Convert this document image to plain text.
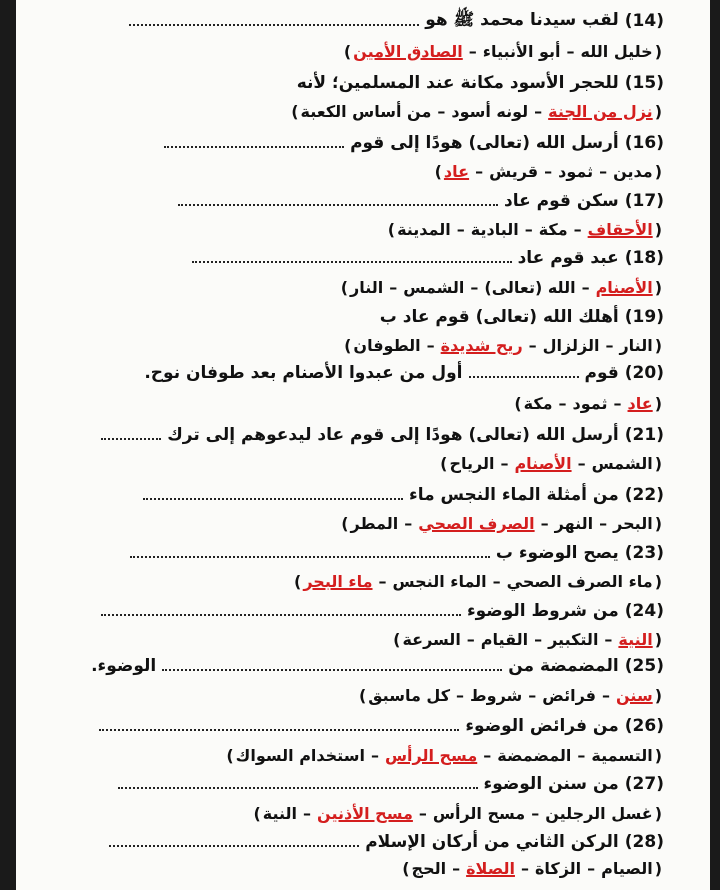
(14)
لقب سيدنا محمد ﷺ هو
(
خليل الله
–
أبو الأنبياء
–
الصادق الأمين
)
(15)
للحجر الأسود مكانة عند المسلمين؛ لأنه
(
نزل من الجنة
–
لونه أسود
–
من أساس الكعبة
)
(16)
أرسل الله (تعالى) هودًا إلى قوم
(
مدين
–
ثمود
–
قريش
–
عاد
)
(17)
سكن قوم عاد
(
الأحقاف
–
مكة
–
البادية
–
المدينة
)
(18)
عبد قوم عاد
(
الأصنام
–
الله (تعالى)
–
الشمس
–
النار
)
(19)
أهلك الله (تعالى) قوم عاد ب
(
النار
–
الزلزال
–
ريح شديدة
–
الطوفان
)
(20)
قوم
أول من عبدوا الأصنام بعد طوفان نوح.
(
عاد
–
ثمود
–
مكة
)
(21)
أرسل الله (تعالى) هودًا إلى قوم عاد ليدعوهم إلى ترك
(
الشمس
–
الأصنام
–
الرياح
)
(22)
من أمثلة الماء النجس ماء
(
البحر
–
النهر
–
الصرف الصحي
–
المطر
)
(23)
يصح الوضوء ب
(
ماء الصرف الصحي
–
الماء النجس
–
ماء البحر
)
(24)
من شروط الوضوء
(
النية
–
التكبير
–
القيام
–
السرعة
)
(25)
المضمضة من
الوضوء.
(
سنن
–
فرائض
–
شروط
–
كل ماسبق
)
(26)
من فرائض الوضوء
(
التسمية
–
المضمضة
–
مسح الرأس
–
استخدام السواك
)
(27)
من سنن الوضوء
(
غسل الرجلين
–
مسح الرأس
–
مسح الأذنين
–
النية
)
(28)
الركن الثاني من أركان الإسلام
(
الصيام
–
الزكاة
–
الصلاة
–
الحج
)
